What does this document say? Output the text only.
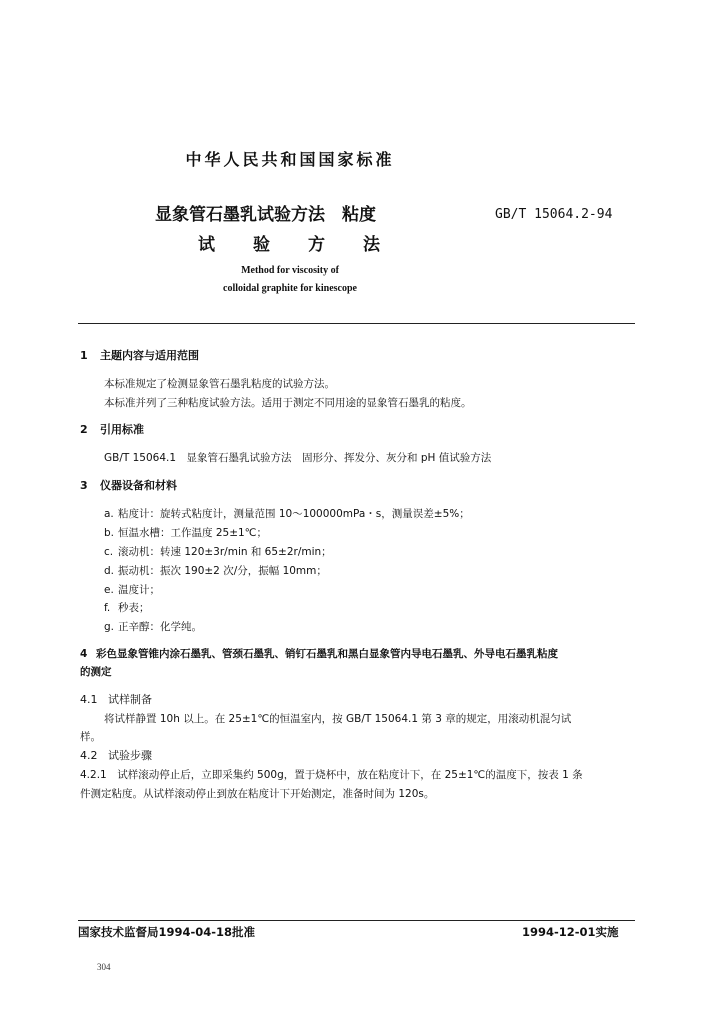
中华人民共和国国家标准
显象管石墨乳试验方法　粘度
试验方法
GB/T 15064.2-94
Method for viscosity of
colloidal graphite for kinescope
1 主题内容与适用范围
本标准规定了检测显象管石墨乳粘度的试验方法。
本标准并列了三种粘度试验方法。适用于测定不同用途的显象管石墨乳的粘度。
2 引用标准
GB/T 15064.1　显象管石墨乳试验方法　固形分、挥发分、灰分和 pH 值试验方法
3 仪器设备和材料
a. 粘度计：旋转式粘度计，测量范围 10～100000mPa・s，测量误差±5%；
b. 恒温水槽：工作温度 25±1℃；
c. 滚动机：转速 120±3r/min 和 65±2r/min；
d. 振动机：振次 190±2 次/分，振幅 10mm；
e. 温度计；
f. 秒表；
g. 正辛醇：化学纯。
4 彩色显象管锥内涂石墨乳、管颈石墨乳、销钉石墨乳和黑白显象管内导电石墨乳、外导电石墨乳粘度
的测定
4.1 试样制备
将试样静置 10h 以上。在 25±1℃的恒温室内，按 GB/T 15064.1 第 3 章的规定，用滚动机混匀试
样。
4.2 试验步骤
4.2.1　试样滚动停止后，立即采集约 500g，置于烧杯中，放在粘度计下，在 25±1℃的温度下，按表 1 条
件测定粘度。从试样滚动停止到放在粘度计下开始测定，准备时间为 120s。
国家技术监督局1994-04-18批准	1994-12-01实施
304
